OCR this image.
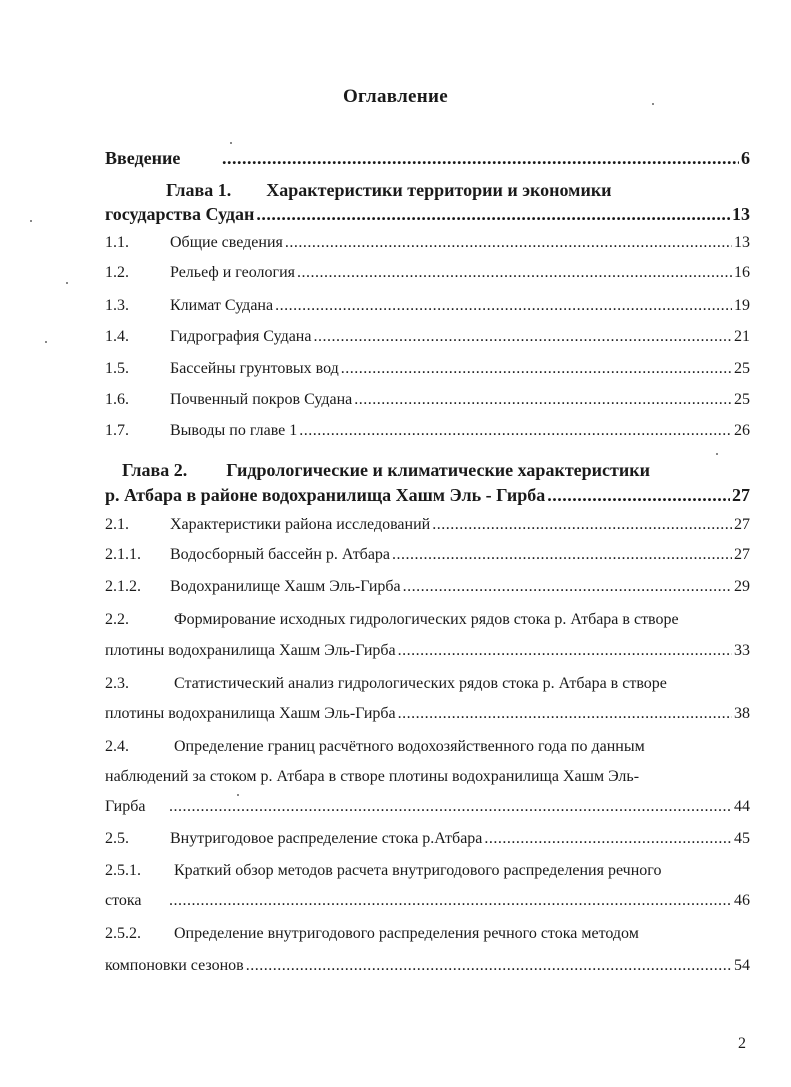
Оглавление
Введение .....	6
Глава 1. Характеристики территории и экономики
государства Судан .....	13
1.1.	Общие сведения .....	13
1.2.	Рельеф и геология .....	16
1.3.	Климат Судана .....	19
1.4.	Гидрография Судана .....	21
1.5.	Бассейны грунтовых вод .....	25
1.6.	Почвенный покров Судана .....	25
1.7.	Выводы по главе 1 .....	26
Глава 2. Гидрологические и климатические характеристики
р. Атбара в районе водохранилища Хашм Эль - Гирба .....	27
2.1.	Характеристики района исследований .....	27
2.1.1.	Водосборный бассейн р. Атбара .....	27
2.1.2.	Водохранилище Хашм Эль-Гирба .....	29
2.2.	Формирование исходных гидрологических рядов стока р. Атбара в створе
плотины водохранилища Хашм Эль-Гирба .....	33
2.3.	Статистический анализ гидрологических рядов стока р. Атбара в створе
плотины водохранилища Хашм Эль-Гирба .....	38
2.4.	Определение границ расчётного водохозяйственного года по данным
наблюдений за стоком р. Атбара в створе плотины водохранилища Хашм Эль-
Гирба .....	44
2.5.	Внутригодовое распределение стока р.Атбара .....	45
2.5.1. Краткий обзор методов расчета внутригодового распределения речного
стока .....	46
2.5.2. Определение внутригодового распределения речного стока методом
компоновки сезонов .....	54
2
